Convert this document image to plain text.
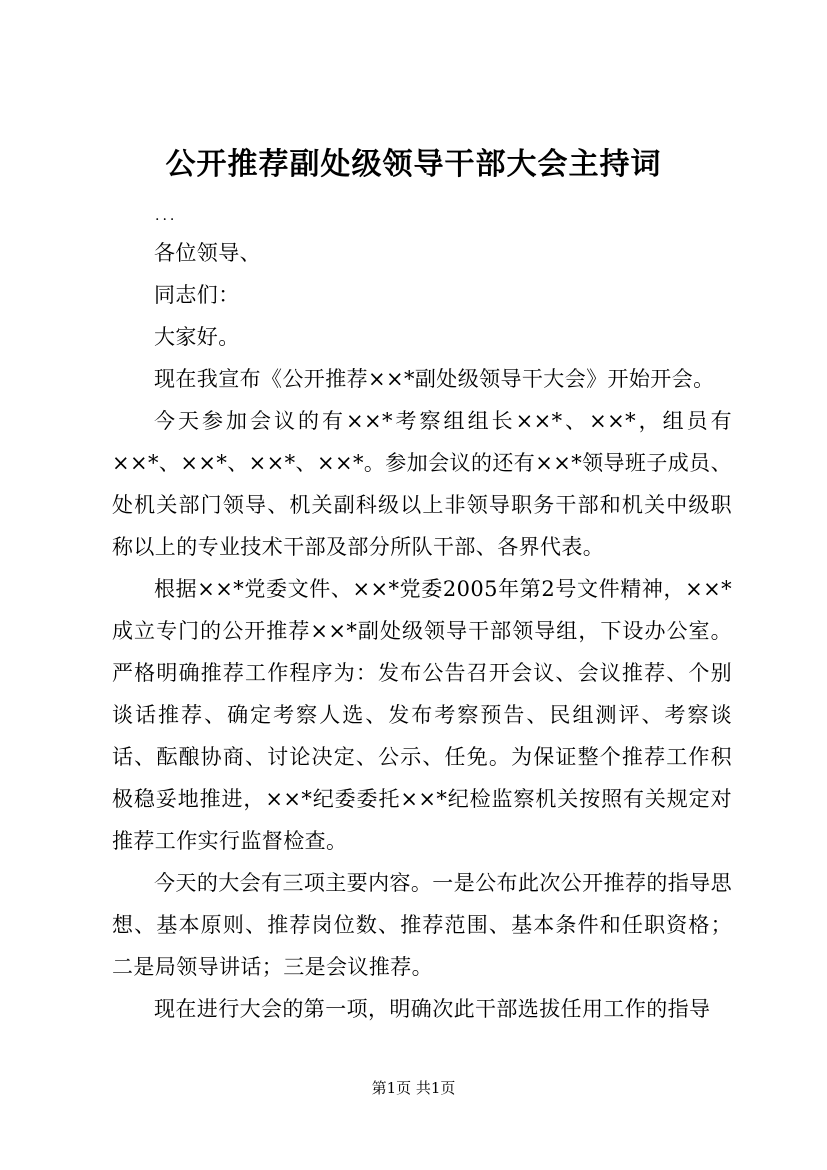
公开推荐副处级领导干部大会主持词
...

各位领导、

同志们：

大家好。

现在我宣布《公开推荐××*副处级领导干大会》开始开会。

今天参加会议的有××*考察组组长××*、××*，组员有××*、××*、××*、××*。参加会议的还有××*领导班子成员、处机关部门领导、机关副科级以上非领导职务干部和机关中级职称以上的专业技术干部及部分所队干部、各界代表。

根据××*党委文件、××*党委2005年第2号文件精神，××*成立专门的公开推荐××*副处级领导干部领导组，下设办公室。严格明确推荐工作程序为：发布公告召开会议、会议推荐、个别谈话推荐、确定考察人选、发布考察预告、民组测评、考察谈话、酝酿协商、讨论决定、公示、任免。为保证整个推荐工作积极稳妥地推进，××*纪委委托××*纪检监察机关按照有关规定对推荐工作实行监督检查。

今天的大会有三项主要内容。一是公布此次公开推荐的指导思想、基本原则、推荐岗位数、推荐范围、基本条件和任职资格；二是局领导讲话；三是会议推荐。

现在进行大会的第一项，明确次此干部选拔任用工作的指导

第1页 共1页
